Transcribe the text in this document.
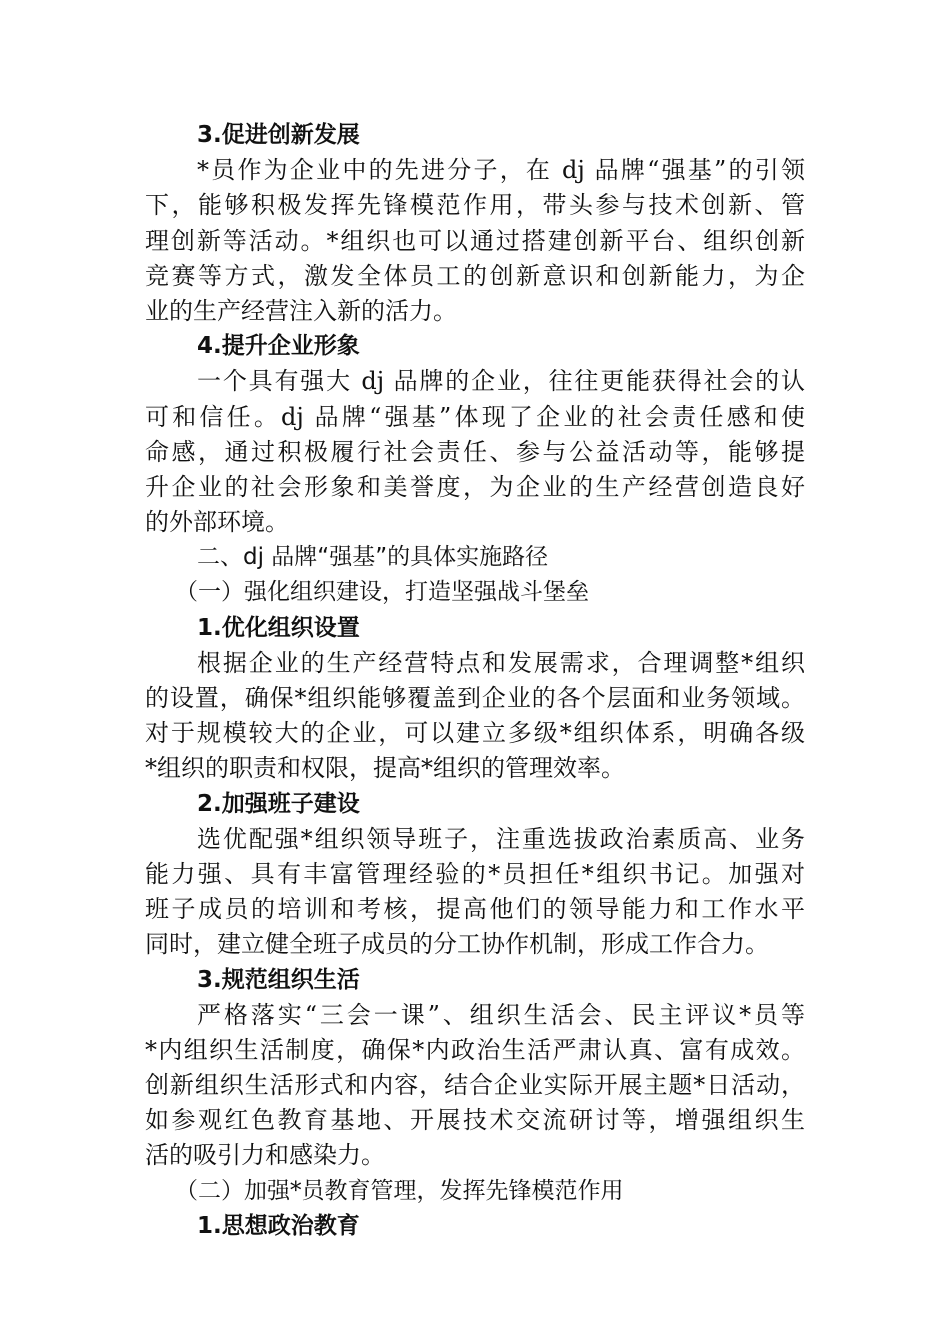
3.促进创新发展
*员作为企业中的先进分子，在 dj 品牌“强基”的引领
下，能够积极发挥先锋模范作用，带头参与技术创新、管
理创新等活动。*组织也可以通过搭建创新平台、组织创新
竞赛等方式，激发全体员工的创新意识和创新能力，为企
业的生产经营注入新的活力。
4.提升企业形象
一个具有强大 dj 品牌的企业，往往更能获得社会的认
可和信任。dj 品牌“强基”体现了企业的社会责任感和使
命感，通过积极履行社会责任、参与公益活动等，能够提
升企业的社会形象和美誉度，为企业的生产经营创造良好
的外部环境。
二、dj 品牌“强基”的具体实施路径
（一）强化组织建设，打造坚强战斗堡垒
1.优化组织设置
根据企业的生产经营特点和发展需求，合理调整*组织
的设置，确保*组织能够覆盖到企业的各个层面和业务领域。
对于规模较大的企业，可以建立多级*组织体系，明确各级
*组织的职责和权限，提高*组织的管理效率。
2.加强班子建设
选优配强*组织领导班子，注重选拔政治素质高、业务
能力强、具有丰富管理经验的*员担任*组织书记。加强对
班子成员的培训和考核，提高他们的领导能力和工作水平
同时，建立健全班子成员的分工协作机制，形成工作合力。
3.规范组织生活
严格落实“三会一课”、组织生活会、民主评议*员等
*内组织生活制度，确保*内政治生活严肃认真、富有成效。
创新组织生活形式和内容，结合企业实际开展主题*日活动，
如参观红色教育基地、开展技术交流研讨等，增强组织生
活的吸引力和感染力。
（二）加强*员教育管理，发挥先锋模范作用
1.思想政治教育
